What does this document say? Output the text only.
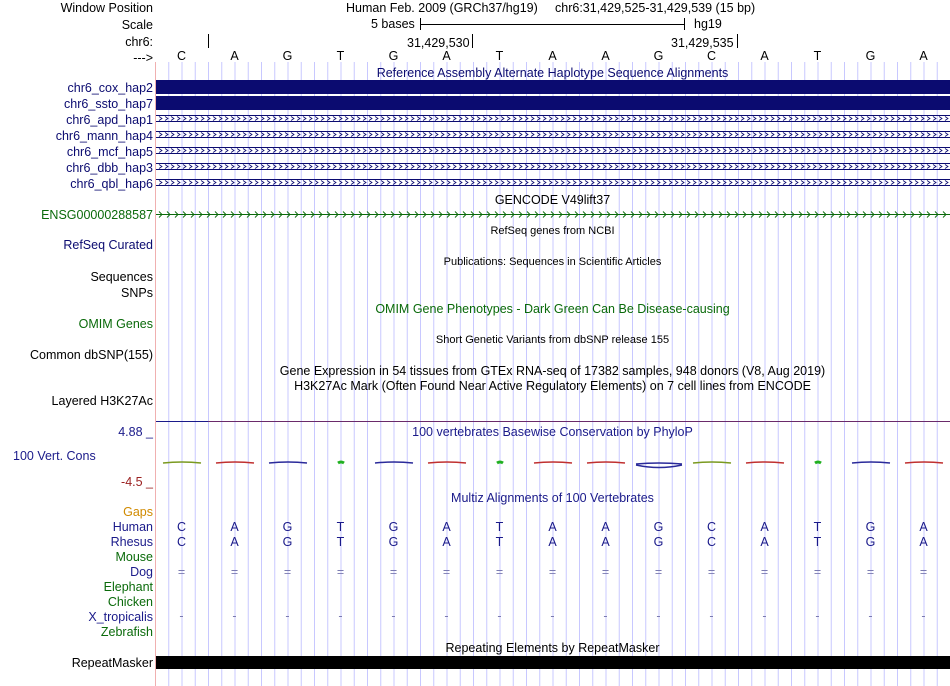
Window Position	Human Feb. 2009 (GRCh37/hg19) chr6:31,429,525-31,429,539 (15 bp)
Scale	5 bases	hg19
chr6:	31,429,530	31,429,535
--->	C	A	G	T	G	A	T	A	A	G	C	A	T	G	A
Reference Assembly Alternate Haplotype Sequence Alignments
chr6_cox_hap2
chr6_ssto_hap7
chr6_apd_hap1
chr6_mann_hap4
chr6_mcf_hap5
chr6_dbb_hap3
chr6_qbl_hap6
GENCODE V49lift37
ENSG00000288587
RefSeq genes from NCBI
RefSeq Curated
Publications: Sequences in Scientific Articles
Sequences
SNPs
OMIM Gene Phenotypes - Dark Green Can Be Disease-causing
OMIM Genes
Short Genetic Variants from dbSNP release 155
Common dbSNP(155)
Gene Expression in 54 tissues from GTEx RNA-seq of 17382 samples, 948 donors (V8, Aug 2019)
H3K27Ac Mark (Often Found Near Active Regulatory Elements) on 7 cell lines from ENCODE
Layered H3K27Ac
4.88 _	100 vertebrates Basewise Conservation by PhyloP
100 Vert. Cons
-4.5 _
Multiz Alignments of 100 Vertebrates
Gaps
Human	C	A	G	T	G	A	T	A	A	G	C	A	T	G	A
Rhesus	C	A	G	T	G	A	T	A	A	G	C	A	T	G	A
Mouse
Dog	=	=	=	=	=	=	=	=	=	=	=	=	=	=	=
Elephant
Chicken
X_tropicalis	-	-	-	-	-	-	-	-	-	-	-	-	-	-	-
Zebrafish
Repeating Elements by RepeatMasker
RepeatMasker
